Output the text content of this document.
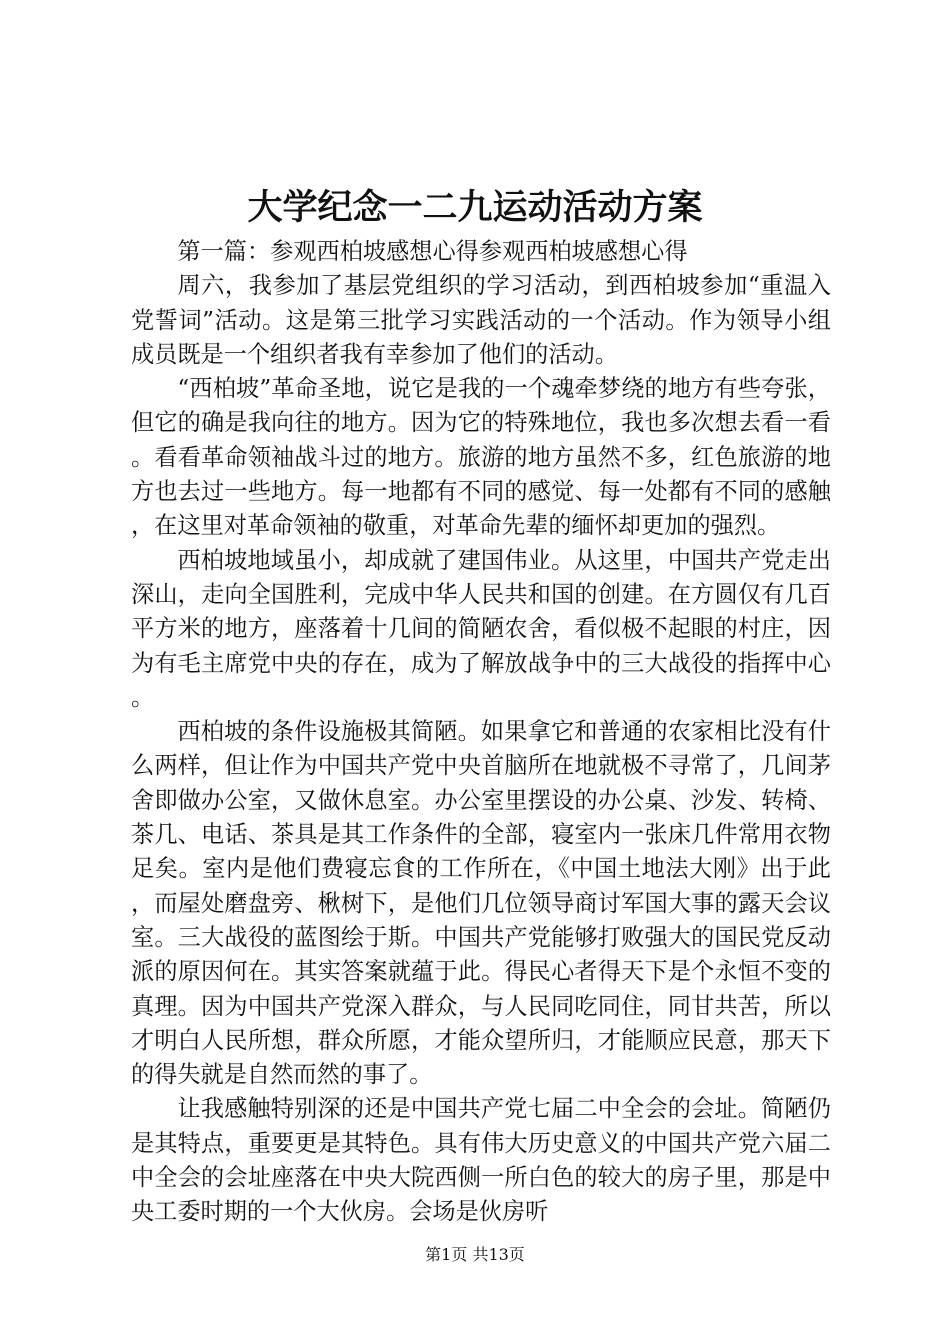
大学纪念一二九运动活动方案

第一篇：参观西柏坡感想心得参观西柏坡感想心得

周六，我参加了基层党组织的学习活动，到西柏坡参加“重温入党誓词”活动。这是第三批学习实践活动的一个活动。作为领导小组成员既是一个组织者我有幸参加了他们的活动。

“西柏坡”革命圣地，说它是我的一个魂牵梦绕的地方有些夸张，但它的确是我向往的地方。因为它的特殊地位，我也多次想去看一看。看看革命领袖战斗过的地方。旅游的地方虽然不多，红色旅游的地方也去过一些地方。每一地都有不同的感觉、每一处都有不同的感触，在这里对革命领袖的敬重，对革命先辈的缅怀却更加的强烈。

西柏坡地域虽小，却成就了建国伟业。从这里，中国共产党走出深山，走向全国胜利，完成中华人民共和国的创建。在方圆仅有几百平方米的地方，座落着十几间的简陋农舍，看似极不起眼的村庄，因为有毛主席党中央的存在，成为了解放战争中的三大战役的指挥中心。

西柏坡的条件设施极其简陋。如果拿它和普通的农家相比没有什么两样，但让作为中国共产党中央首脑所在地就极不寻常了，几间茅舍即做办公室，又做休息室。办公室里摆设的办公桌、沙发、转椅、茶几、电话、茶具是其工作条件的全部，寝室内一张床几件常用衣物足矣。室内是他们费寝忘食的工作所在，《中国土地法大刚》出于此，而屋处磨盘旁、楸树下，是他们几位领导商讨军国大事的露天会议室。三大战役的蓝图绘于斯。中国共产党能够打败强大的国民党反动派的原因何在。其实答案就蕴于此。得民心者得天下是个永恒不变的真理。因为中国共产党深入群众，与人民同吃同住，同甘共苦，所以才明白人民所想，群众所愿，才能众望所归，才能顺应民意，那天下的得失就是自然而然的事了。

让我感触特别深的还是中国共产党七届二中全会的会址。简陋仍是其特点，重要更是其特色。具有伟大历史意义的中国共产党六届二中全会的会址座落在中央大院西侧一所白色的较大的房子里，那是中央工委时期的一个大伙房。会场是伙房听

第1页 共13页
